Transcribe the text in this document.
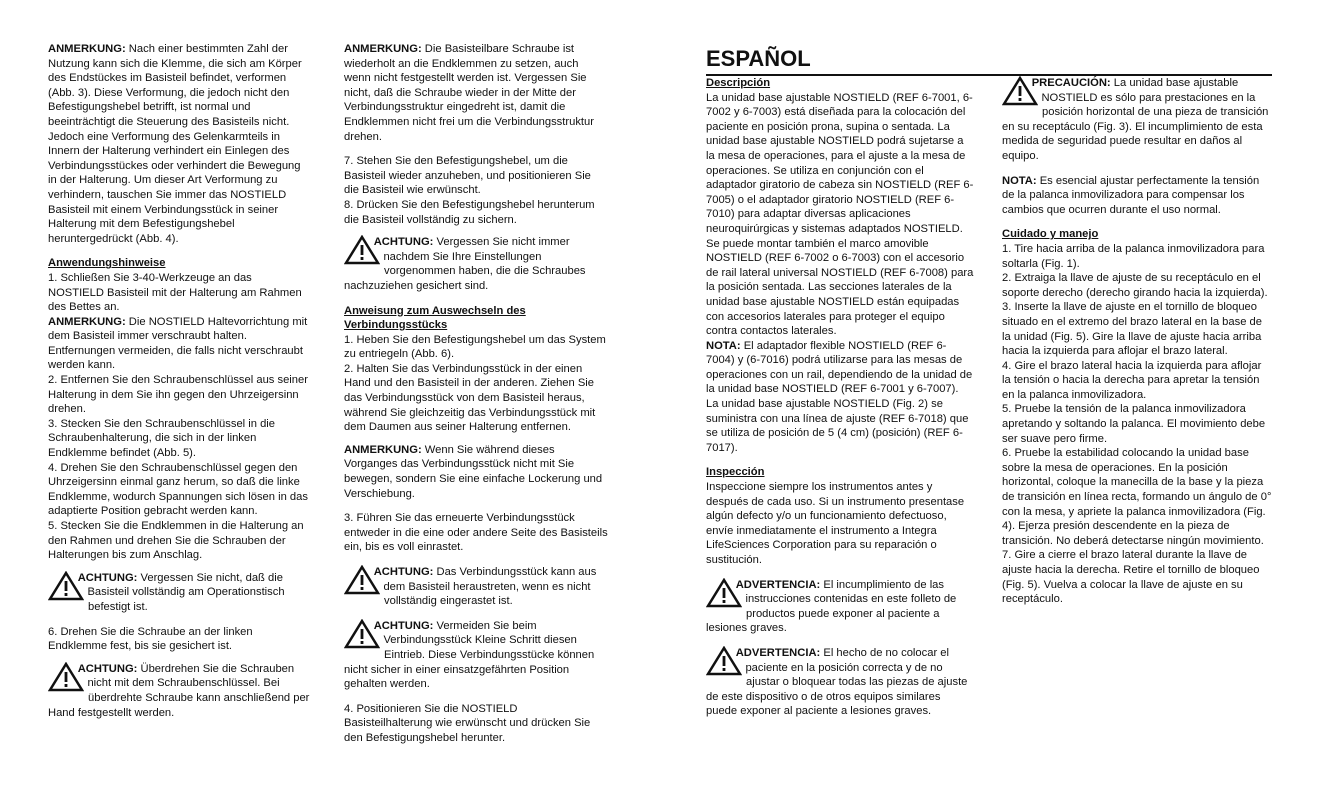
ANMERKUNG: Nach einer bestimmten Zahl der Nutzung kann sich die Klemme, die sich am Körper des Endstückes im Basisteil befindet, verformen (Abb. 3). Diese Verformung, die jedoch nicht den Befestigungshebel betrifft, ist normal und beeinträchtigt die Steuerung des Basisteils nicht. Jedoch eine Verformung des Gelenkarmteils in Innern der Halterung verhindert ein Einlegen des Verbindungsstückes oder verhindert die Bewegung in der Halterung. Um dieser Art Verformung zu verhindern, tauschen Sie immer das NOSTIELD Basisteil mit einem Verbindungsstück in seiner Halterung mit dem Befestigungshebel heruntergedrückt (Abb. 4).

Anwendungshinweise
1. Schließen Sie 3-40-Werkzeuge an das NOSTIELD Basisteil mit der Halterung am Rahmen des Bettes an.
ANMERKUNG: Die NOSTIELD Haltevorrichtung mit dem Basisteil immer verschraubt halten. Entfernungen vermeiden, die falls nicht verschraubt werden kann.
2. Entfernen Sie den Schraubenschlüssel aus seiner Halterung in dem Sie ihn gegen den Uhrzeigersinn drehen.
3. Stecken Sie den Schraubenschlüssel in die Schraubenhalterung, die sich in der linken Endklemme befindet (Abb. 5).
4. Drehen Sie den Schraubenschlüssel gegen den Uhrzeigersinn einmal ganz herum, so daß die linke Endklemme, wodurch Spannungen sich lösen in das adaptierte Position gebracht werden kann.
5. Stecken Sie die Endklemmen in die Halterung an den Rahmen und drehen Sie die Schrauben der Halterungen bis zum Anschlag.
ACHTUNG: Vergessen Sie nicht, daß die Basisteil vollständig am Operationstisch befestigt ist.
6. Drehen Sie die Schraube an der linken Endklemme fest, bis sie gesichert ist.
ACHTUNG: Überdrehen Sie die Schrauben nicht mit dem Schraubenschlüssel. Bei überdrehte Schraube kann anschließend per Hand festgestellt werden.

ANMERKUNG: Die Basisteilbare Schraube ist wiederholt an die Endklemmen zu setzen, auch wenn nicht festgestellt werden ist. Vergessen Sie nicht, daß die Schraube wieder in der Mitte der Verbindungsstruktur eingedreht ist, damit die Endklemmen nicht frei um die Verbindungsstruktur drehen.

7. Stehen Sie den Befestigungshebel, um die Basisteil wieder anzuheben, und positionieren Sie die Basisteil wie erwünscht.
8. Drücken Sie den Befestigungshebel herunterum die Basisteil vollständig zu sichern.
ACHTUNG: Vergessen Sie nicht immer nachdem Sie Ihre Einstellungen vorgenommen haben, die die Schraubes nachzuziehen gesichert sind.
Anweisung zum Auswechseln des Verbindungsstücks
1. Heben Sie den Befestigungshebel um das System zu entriegeln (Abb. 6).
2. Halten Sie das Verbindungsstück in der einen Hand und den Basisteil in der anderen. Ziehen Sie das Verbindungsstück von dem Basisteil heraus, während Sie gleichzeitig das Verbindungsstück mit dem Daumen aus seiner Halterung entfernen.

ANMERKUNG: Wenn Sie während dieses Vorganges das Verbindungsstück nicht mit Sie bewegen, sondern Sie eine einfache Lockerung und Verschiebung.

3. Führen Sie das erneuerte Verbindungsstück entweder in die eine oder andere Seite des Basisteils ein, bis es voll einrastet.

ACHTUNG: Das Verbindungsstück kann aus dem Basisteil heraustreten, wenn es nicht vollständig eingerastet ist.
ACHTUNG: Vermeiden Sie beim Verbindungsstück Kleine Schritt diesen Eintrieb. Diese Verbindungsstücke können nicht sicher in einer einsatzgefährten Position gehalten werden.
4. Positionieren Sie die NOSTIELD Basisteilhalterung wie erwünscht und drücken Sie den Befestigungshebel herunter.
ESPAÑOL
Descripción
La unidad base ajustable NOSTIELD (REF 6-7001, 6-7002 y 6-7003) está diseñada para la colocación del paciente en posición prona, supina o sentada. La unidad base ajustable NOSTIELD podrá sujetarse a la mesa de operaciones, para el ajuste a la mesa de operaciones. Se utiliza en conjunción con el adaptador giratorio de cabeza sin NOSTIELD (REF 6-7005) o el adaptador giratorio NOSTIELD (REF 6-7010) para adaptar diversas aplicaciones neuroquirúrgicas y sistemas adaptados NOSTIELD. Se puede montar también el marco amovible NOSTIELD (REF 6-7002 o 6-7003) con el accesorio de rail lateral universal NOSTIELD (REF 6-7008) para la posición sentada. Las secciones laterales de la unidad base ajustable NOSTIELD están equipadas con accesorios laterales para proteger el equipo contra contactos laterales.

NOTA: El adaptador flexible NOSTIELD (REF 6-7004) y (6-7016) podrá utilizarse para las mesas de operaciones con un rail, dependiendo de la unidad de la unidad base NOSTIELD (REF 6-7001 y 6-7007). La unidad base ajustable NOSTIELD (Fig. 2) se suministra con una línea de ajuste (REF 6-7018) que se utiliza de posición de 5 (4 cm) (posición) (REF 6-7017).

Inspección

Inspeccione siempre los instrumentos antes y después de cada uso. Si un instrumento presentase algún defecto y/o un funcionamiento defectuoso, envíe inmediatamente el instrumento a Integra LifeSciences Corporation para su reparación o sustitución.

ADVERTENCIA: El incumplimiento de las instrucciones contenidas en este folleto de productos puede exponer al paciente a lesiones graves.
ADVERTENCIA: El hecho de no colocar el paciente en la posición correcta y de no ajustar o bloquear todas las piezas de ajuste de este dispositivo o de otros equipos similares puede exponer al paciente a lesiones graves.
PRECAUCIÓN: La unidad base ajustable NOSTIELD es sólo para prestaciones en la posición horizontal de una pieza de transición en su receptáculo (Fig. 3). El incumplimiento de esta medida de seguridad puede resultar en daños al equipo.

NOTA: Es esencial ajustar perfectamente la tensión de la palanca inmovilizadora para compensar los cambios que ocurren durante el uso normal.

Cuidado y manejo
1. Tire hacia arriba de la palanca inmovilizadora para soltarla (Fig. 1).
2. Extraiga la llave de ajuste de su receptáculo en el soporte derecho (derecho girando hacia la izquierda).
3. Inserte la llave de ajuste en el tornillo de bloqueo situado en el extremo del brazo lateral en la base de la unidad (Fig. 5). Gire la llave de ajuste hacia arriba hacia la izquierda para aflojar el brazo lateral.
4. Gire el brazo lateral hacia la izquierda para aflojar la tensión o hacia la derecha para apretar la tensión en la palanca inmovilizadora.
5. Pruebe la tensión de la palanca inmovilizadora apretando y soltando la palanca. El movimiento debe ser suave pero firme.
6. Pruebe la estabilidad colocando la unidad base sobre la mesa de operaciones. En la posición horizontal, coloque la manecilla de la base y la pieza de transición en línea recta, formando un ángulo de 0° con la mesa, y apriete la palanca inmovilizadora (Fig. 4). Ejerza presión descendente en la pieza de transición. No deberá detectarse ningún movimiento.
7. Gire a cierre el brazo lateral durante la llave de ajuste hacia la derecha. Retire el tornillo de bloqueo (Fig. 5). Vuelva a colocar la llave de ajuste en su receptáculo.
